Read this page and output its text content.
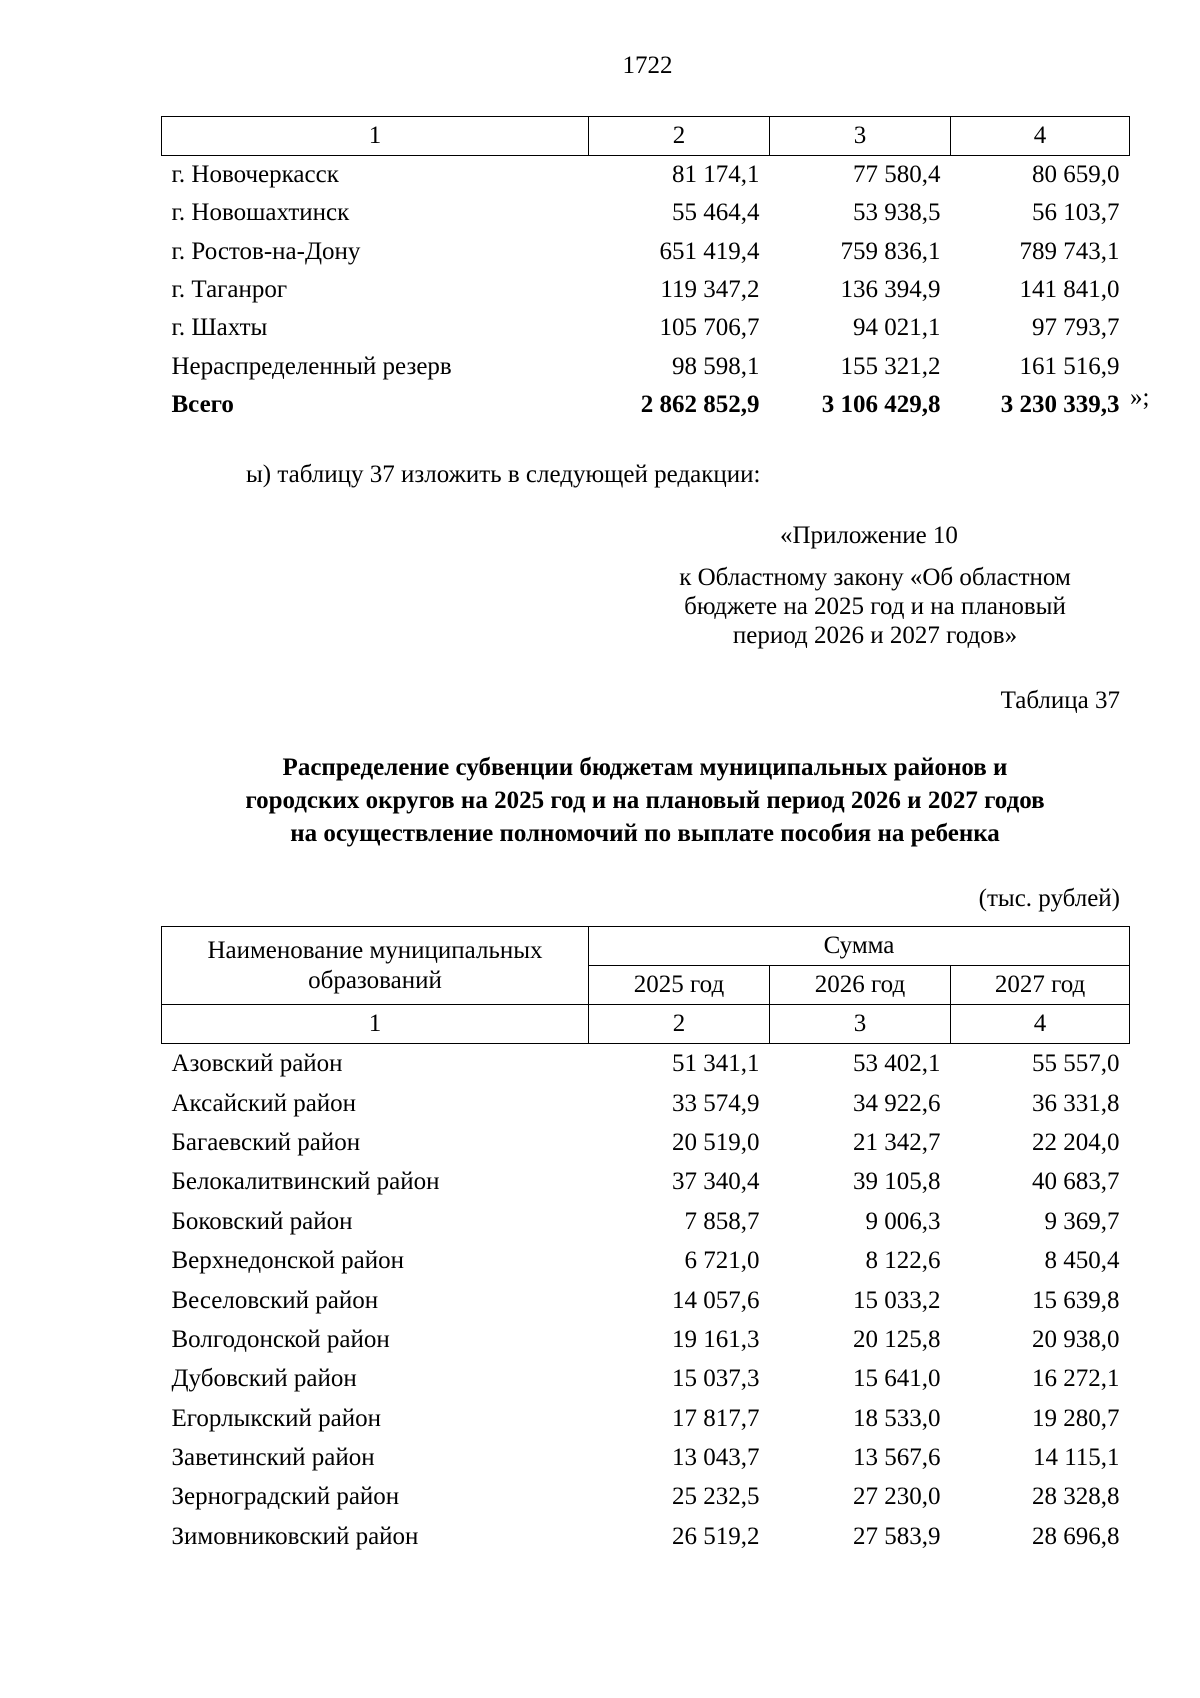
1722
1	2	3	4
г. Новочеркасск	81 174,1	77 580,4	80 659,0
г. Новошахтинск	55 464,4	53 938,5	56 103,7
г. Ростов-на-Дону	651 419,4	759 836,1	789 743,1
г. Таганрог	119 347,2	136 394,9	141 841,0
г. Шахты	105 706,7	94 021,1	97 793,7
Нераспределенный резерв	98 598,1	155 321,2	161 516,9
Всего	2 862 852,9	3 106 429,8	3 230 339,3 »;
ы) таблицу 37 изложить в следующей редакции:
«Приложение 10
к Областному закону «Об областном
бюджете на 2025 год и на плановый
период 2026 и 2027 годов»
Таблица 37
Распределение субвенции бюджетам муниципальных районов и
городских округов на 2025 год и на плановый период 2026 и 2027 годов
на осуществление полномочий по выплате пособия на ребенка
(тыс. рублей)
Наименование муниципальных
образований	Сумма		
	2025 год	2026 год	2027 год
1	2	3	4
Азовский район	51 341,1	53 402,1	55 557,0
Аксайский район	33 574,9	34 922,6	36 331,8
Багаевский район	20 519,0	21 342,7	22 204,0
Белокалитвинский район	37 340,4	39 105,8	40 683,7
Боковский район	7 858,7	9 006,3	9 369,7
Верхнедонской район	6 721,0	8 122,6	8 450,4
Веселовский район	14 057,6	15 033,2	15 639,8
Волгодонской район	19 161,3	20 125,8	20 938,0
Дубовский район	15 037,3	15 641,0	16 272,1
Егорлыкский район	17 817,7	18 533,0	19 280,7
Заветинский район	13 043,7	13 567,6	14 115,1
Зерноградский район	25 232,5	27 230,0	28 328,8
Зимовниковский район	26 519,2	27 583,9	28 696,8
